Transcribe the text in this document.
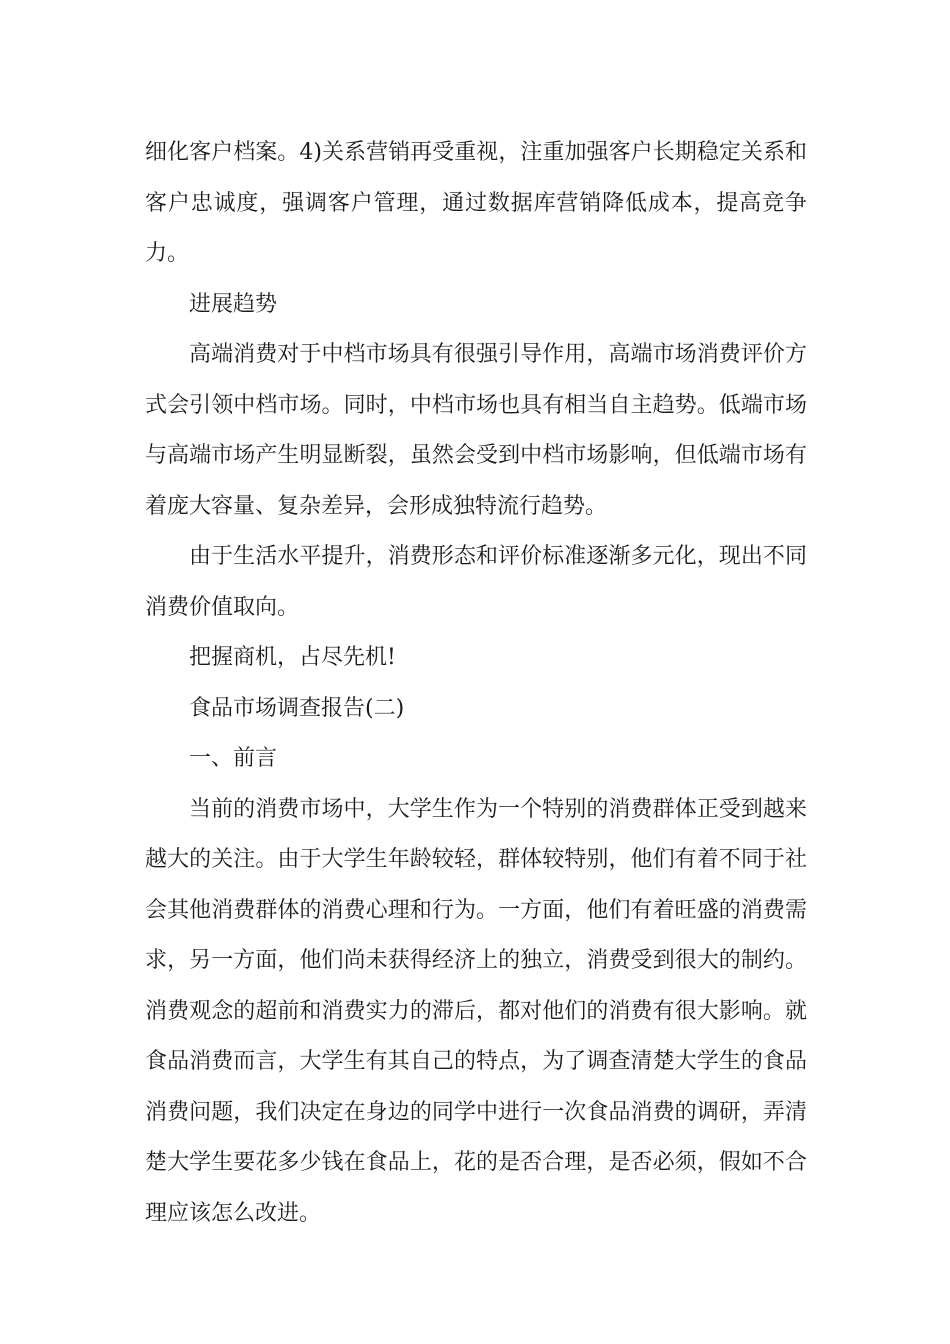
细化客户档案。4)关系营销再受重视，注重加强客户长期稳定关系和客户忠诚度，强调客户管理，通过数据库营销降低成本，提高竞争力。

进展趋势

高端消费对于中档市场具有很强引导作用，高端市场消费评价方式会引领中档市场。同时，中档市场也具有相当自主趋势。低端市场与高端市场产生明显断裂，虽然会受到中档市场影响，但低端市场有着庞大容量、复杂差异，会形成独特流行趋势。

由于生活水平提升，消费形态和评价标准逐渐多元化，现出不同消费价值取向。

把握商机，占尽先机!

食品市场调查报告(二)

一、前言

当前的消费市场中，大学生作为一个特别的消费群体正受到越来越大的关注。由于大学生年龄较轻，群体较特别，他们有着不同于社会其他消费群体的消费心理和行为。一方面，他们有着旺盛的消费需求，另一方面，他们尚未获得经济上的独立，消费受到很大的制约。消费观念的超前和消费实力的滞后，都对他们的消费有很大影响。就食品消费而言，大学生有其自己的特点，为了调查清楚大学生的食品消费问题，我们决定在身边的同学中进行一次食品消费的调研，弄清楚大学生要花多少钱在食品上，花的是否合理，是否必须，假如不合理应该怎么改进。
